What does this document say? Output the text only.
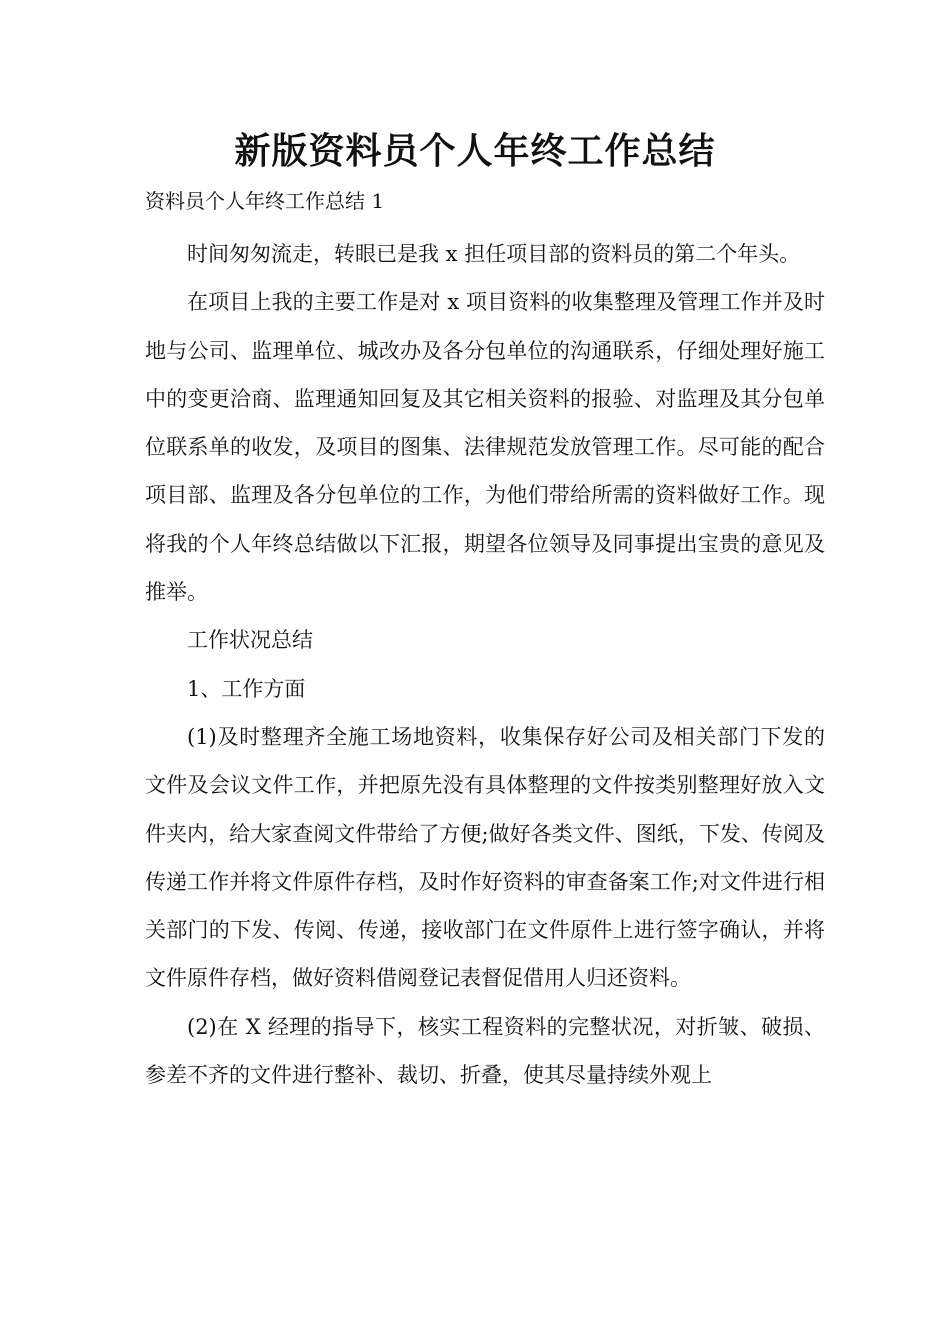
新版资料员个人年终工作总结
资料员个人年终工作总结 1

时间匆匆流走，转眼已是我 x 担任项目部的资料员的第二个年头。

在项目上我的主要工作是对 x 项目资料的收集整理及管理工作并及时地与公司、监理单位、城改办及各分包单位的沟通联系，仔细处理好施工中的变更洽商、监理通知回复及其它相关资料的报验、对监理及其分包单位联系单的收发，及项目的图集、法律规范发放管理工作。尽可能的配合项目部、监理及各分包单位的工作，为他们带给所需的资料做好工作。现将我的个人年终总结做以下汇报，期望各位领导及同事提出宝贵的意见及推举。

工作状况总结

1、工作方面

(1)及时整理齐全施工场地资料，收集保存好公司及相关部门下发的文件及会议文件工作，并把原先没有具体整理的文件按类别整理好放入文件夹内，给大家查阅文件带给了方便;做好各类文件、图纸，下发、传阅及传递工作并将文件原件存档，及时作好资料的审查备案工作;对文件进行相关部门的下发、传阅、传递，接收部门在文件原件上进行签字确认，并将文件原件存档，做好资料借阅登记表督促借用人归还资料。

(2)在 X 经理的指导下，核实工程资料的完整状况，对折皱、破损、参差不齐的文件进行整补、裁切、折叠，使其尽量持续外观上
